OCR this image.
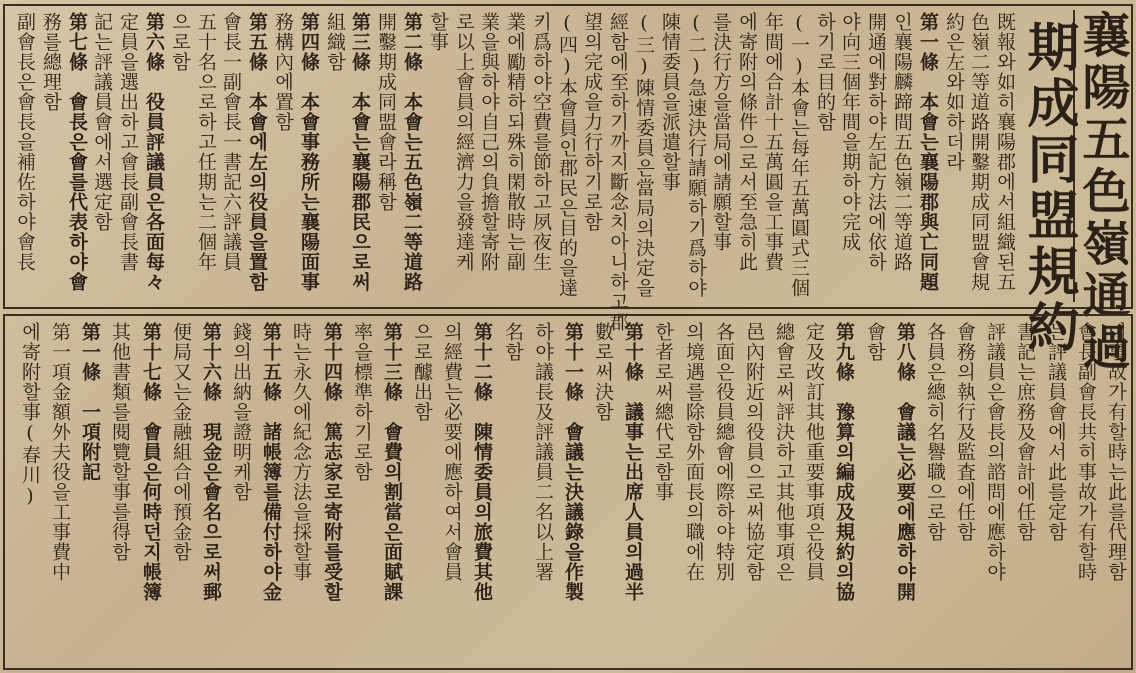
襄陽五色嶺通過
期成同盟規約
既報와如히襄陽郡에서組織된五
色嶺二等道路開鑿期成同盟會規
約은左와如하더라
第一條　本會는襄陽郡與亡同題
인襄陽麟蹄間五色嶺二等道路
開通에對하야左記方法에依하
야向三個年間을期하야完成
하기로目的함
(一)本會는每年五萬圓式三個
年間에合計十五萬圓을工事費
에寄附의條件으로서至急히此
를決行方을當局에請願할事
(二)急速決行請願하기爲하야
陳情委員을派遣할事
(三)陳情委員은當局의決定을
經함에至하기까지斷念치아니하고郡
望의完成을力行하기로함
(四)本會員인郡民은目的을達
키爲하야空費를節하고夙夜生
業에勵精하되殊히閑散時는副
業을與하야自己의負擔할寄附
로以上會員의經濟力을發達케
할事
第二條　本會는五色嶺二等道路
開鑿期成同盟會라稱함
第三條　本會는襄陽郡民으로써
組織함
第四條　本會事務所는襄陽面事
務構內에置함
第五條　本會에左의役員을置함
會長一副會長一書記六評議員
五十名으로하고任期는二個年
으로함
第六條　役員評議員은各面每々
定員을選出하고會長副會長書
記는評議員會에서選定함
第七條　會長은會를代表하야會
務를總理함
副會長은會長을補佐하야會長
이事故가有할時는此를代理함
會長副會長共히事故가有할時
는評議員會에서此를定함
書記는庶務及會計에任함
評議員은會長의諮問에應하야
會務의執行及監査에任함
各員은總히名譽職으로함
第八條　會議는必要에應하야開
會함
第九條　豫算의編成及規約의協
定及改訂其他重要事項은役員
總會로써評決하고其他事項은
邑內附近의役員으로써協定함
各面은役員總會에際하야特別
의境遇를除함外面長의職에在
한者로써總代로함事
第十條　議事는出席人員의過半
數로써決함
第十一條　會議는決議錄을作製
하야議長及評議員二名以上署
名함
第十二條　陳情委員의旅費其他
의經費는必要에應하여서會員
으로醵出함
第十三條　會費의割當은面賦課
率을標準하기로함
第十四條　篤志家로寄附를受할
時는永久에紀念方法을採할事
第十五條　諸帳簿를備付하야金
錢의出納을證明케함
第十六條　現金은會名으로써郵
便局又는金融組合에預金함
第十七條　會員은何時던지帳簿
其他書類를閱覽할事를得함
第一條　一項附記
第一項金額外夫役을工事費中
에寄附할事(春川)
